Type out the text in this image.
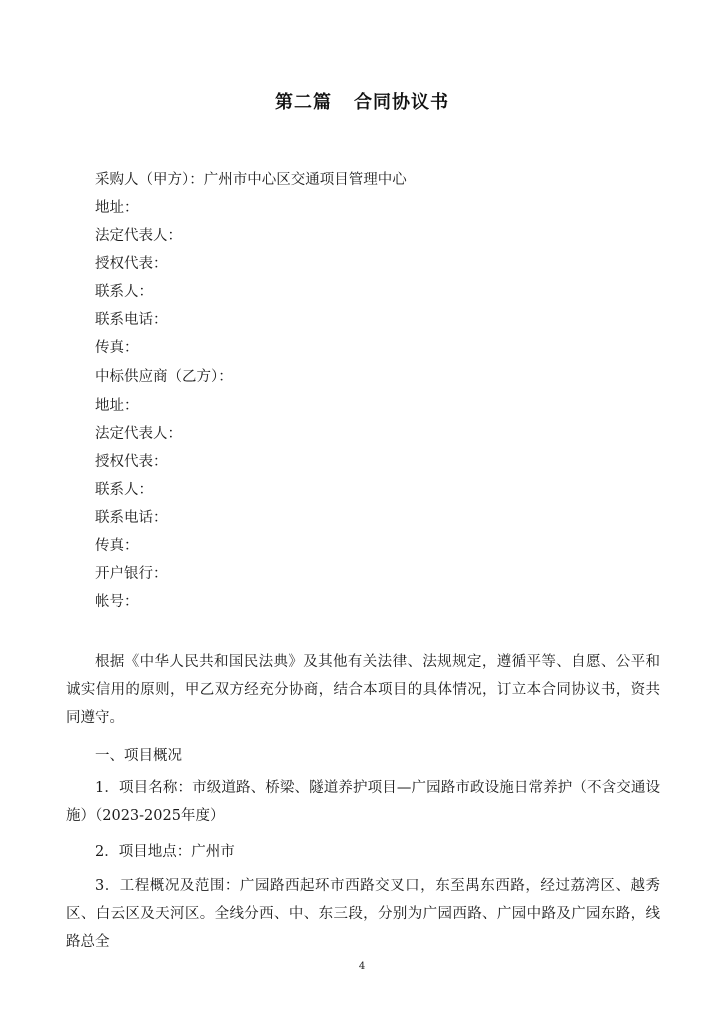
第二篇 合同协议书
采购人（甲方）：广州市中心区交通项目管理中心
地址：
法定代表人：
授权代表：
联系人：
联系电话：
传真：
中标供应商（乙方）：
地址：
法定代表人：
授权代表：
联系人：
联系电话：
传真：
开户银行：
帐号：
根据《中华人民共和国民法典》及其他有关法律、法规规定，遵循平等、自愿、公平和诚实信用的原则，甲乙双方经充分协商，结合本项目的具体情况，订立本合同协议书，资共同遵守。
一、项目概况
1．项目名称：市级道路、桥梁、隧道养护项目—广园路市政设施日常养护（不含交通设施）（2023-2025年度）
2．项目地点：广州市
3．工程概况及范围：广园路西起环市西路交叉口，东至禺东西路，经过荔湾区、越秀区、白云区及天河区。全线分西、中、东三段，分别为广园西路、广园中路及广园东路，线路总全
4
